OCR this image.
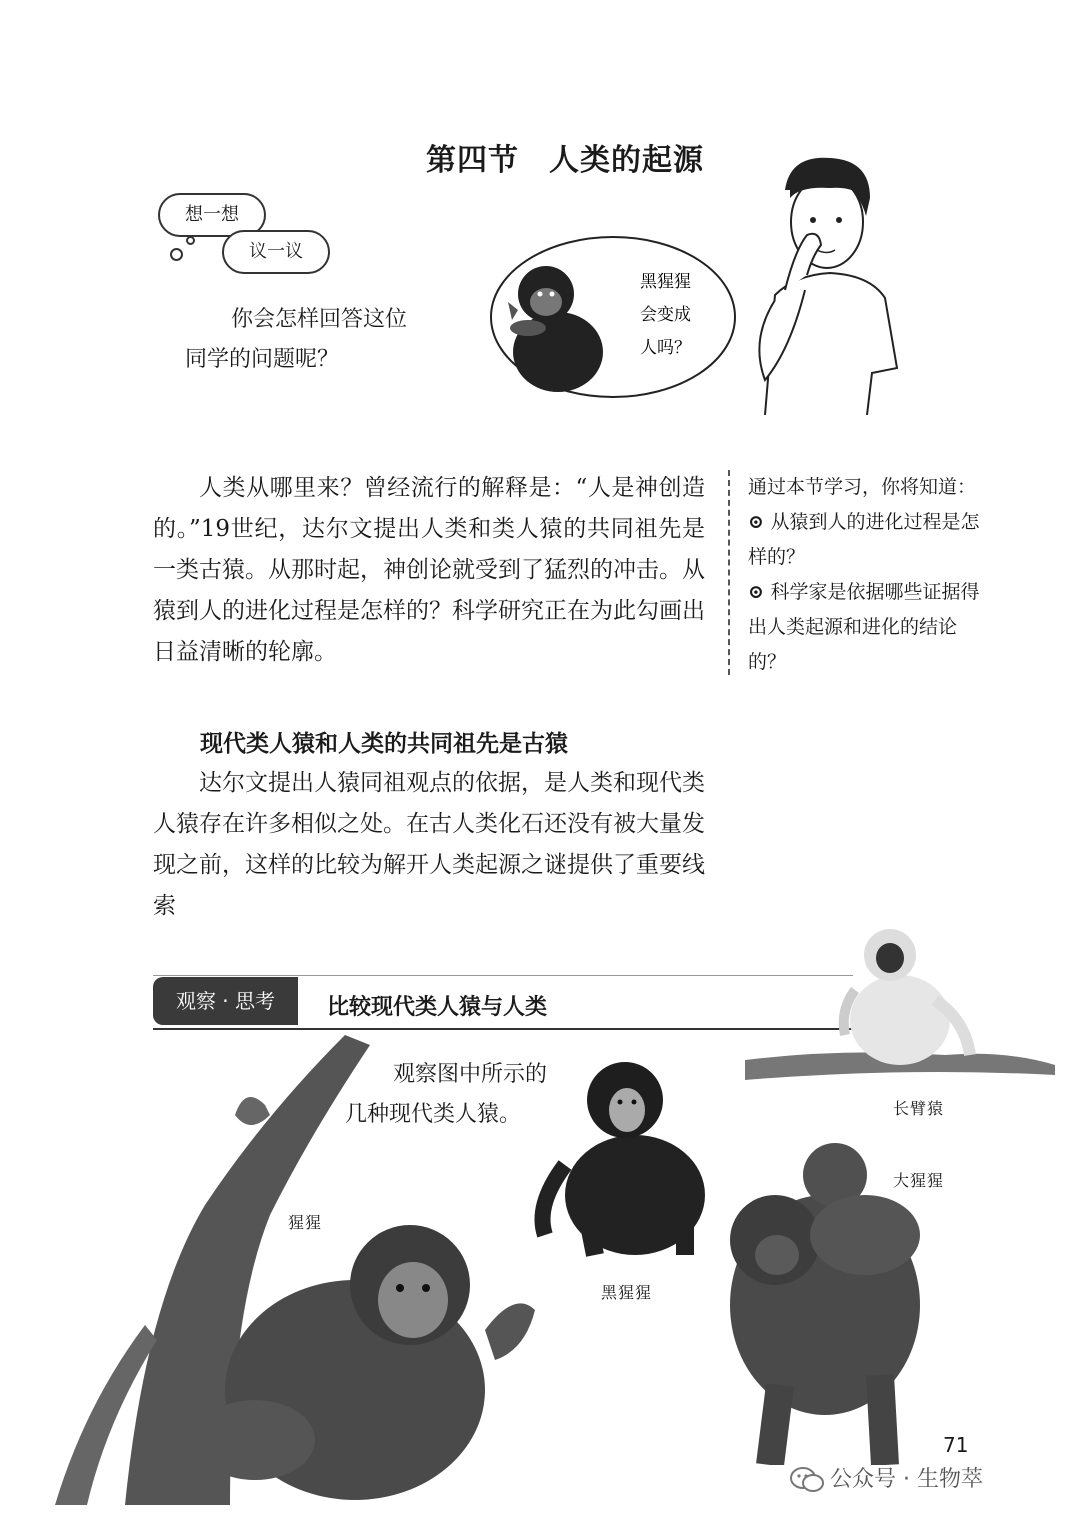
第四节 人类的起源
想一想
议一议
你会怎样回答这位
同学的问题呢？
黑猩猩
会变成
人吗？
人类从哪里来？曾经流行的解释是：“人是神创造的。”19世纪，达尔文提出人类和类人猿的共同祖先是一类古猿。从那时起，神创论就受到了猛烈的冲击。从猿到人的进化过程是怎样的？科学研究正在为此勾画出日益清晰的轮廓。
通过本节学习，你将知道：
⊙ 从猿到人的进化过程是怎样的？
⊙ 科学家是依据哪些证据得出人类起源和进化的结论的？
现代类人猿和人类的共同祖先是古猿
达尔文提出人猿同祖观点的依据，是人类和现代类人猿存在许多相似之处。在古人类化石还没有被大量发现之前，这样的比较为解开人类起源之谜提供了重要线索
观察 · 思考	比较现代类人猿与人类
观察图中所示的
几种现代类人猿。	长臂猿
猩猩
黑猩猩
大猩猩
71
公众号 · 生物萃
